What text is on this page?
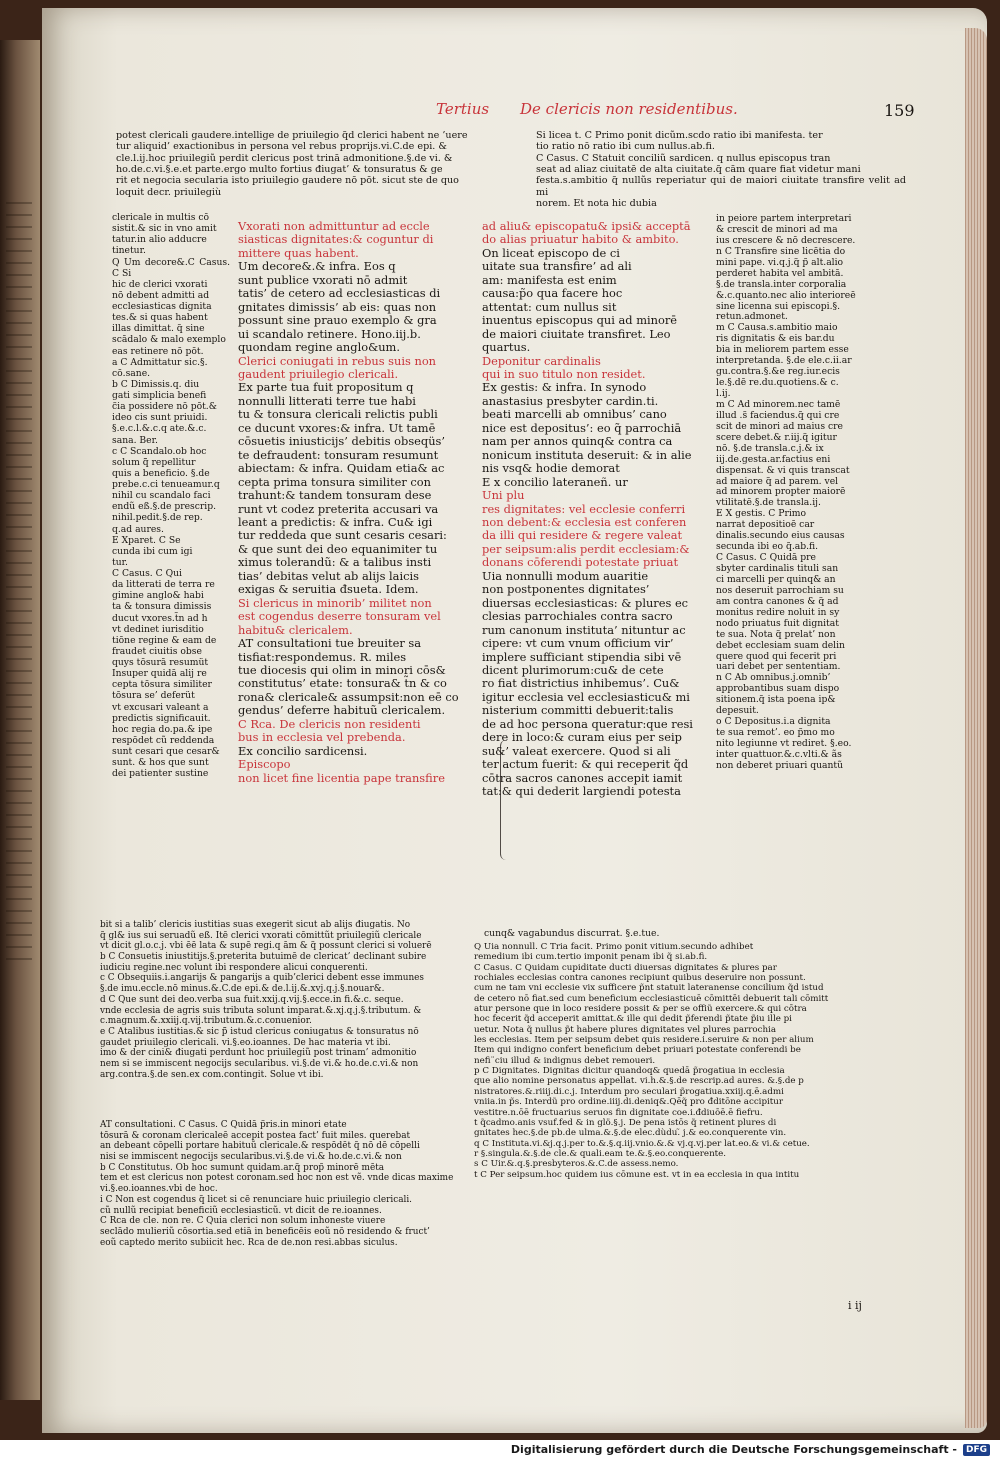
Tertius De clericis non residentibus.	159
potest clericali gaudere.intellige de priuilegio q̃d clerici habent ne ’uere
tur aliquid’ exactionibus in persona vel rebus proprijs.vi.C.de epi. &
cle.l.ij.hoc priuilegiũ perdit clericus post trinā admonitione.§.de vi. &
ho.de.c.vi.§.e.et parte.ergo multo fortius điugat’ & tonsuratus & ge
rit et negocia secularia isto priuilegio gaudere nō pōt. sicut ste de quo
loquit decr. priuilegiù
clericale in multis cō
sistit.& sic in vno amit
tatur.in alio adducre
tinetur.
Q Um decore&.C Casus. C Si
hic de clerici vxorati
nō debent admitti ad
ecclesiasticas dignita
tes.& si quas habent
illas dimittat. q̃ sine
scādalo & malo exemplo
eas retinere nō pōt.
a C Admittatur sic.§.
cō.sane.
b C Dimissis.q. diu
gati simplicia benefi
c̃ia possidere nō pōt.&
ideo cis sunt priuidi.
§.e.c.l.&.c.q ate.&.c.
sana. Ber.
c C Scandalo.ob hoc
solum q̃̃ repellitur
quis a beneficio. §.de
prebe.c.ci tenueamur.q
nihil cu scandalo faci
endũ eß.§.de prescrip.
nihil.pedit.§.de rep.
q.ad aures.
E Xparet. C Se
cunda ibi cum igi
tur.
C Casus. C Qui
da litterati de terra re
gimine anglo& habi
ta & tonsura dimissis
ducut vxores.t̃n ad h
vt dedinet iurisditio
tiōne regine & eam de
fraudet ciuitis obse
quys tōsurā resumüt
Insuper quidā alij re
cepta tōsura similiter
tōsura se’ deferüt
vt excusari valeant a
predictis significauit.
hoc regia do.pa.& ipe
respōdet cũ reddenda
sunt cesari que cesar&
sunt. & hos que sunt
dei patienter sustine
Vxorati non admittuntur ad eccle
siasticas dignitates:& coguntur di
mittere quas habent.
Um decore&.& infra. Eos q
sunt publice vxorati nō admit
tatis’ de cetero ad ecclesiasticas di
gnitates dimissis’ ab eis: quas non
possunt sine prauo exemplo & gra
ui scandalo retinere. Hono.iij.b.
quondam regine anglo&um.
Clerici coniugati in rebus suis non
gaudent priuilegio clericali.
Ex parte tua fuit propositum q
nonnulli litterati terre tue habi
tu & tonsura clericali relictis publi
ce ducunt vxores:& infra. Ut tamē
cōsuetis iniusticijs’ debitis obseqüs’
te defraudent: tonsuram resumunt
abiectam: & infra. Quidam etia& ac
cepta prima tonsura similiter con
trahunt:& tandem tonsuram dese
runt vt codez preterita accusari va
leant a predictis: & infra. Cu& igi
tur reddeda que sunt cesaris cesari:
& que sunt dei deo equanimiter tu
ximus tolerandũ: & a talibus insti
tias’ debitas velut ab alijs laicis
exigas & seruitia đsueta. Idem.
Si clericus in minorib’ militet non
est cogendus deserre tonsuram vel
habitu& clericalem.
AT consultationi tue breuiter sa
tisfiat:respondemus. R. miles
tue diocesis qui olim in minori cōs&
constitutus’ etate: tonsura& t̃n & co
rona& clericale& assumpsit:non eē co
gendus’ deferre habituũ clericalem.
C Rca. De clericis non residenti
bus in ecclesia vel prebenda.
Ex concilio sardicensi.
Episcopo
non licet fine licentia pape transfire
ad aliu& episcopatu& ipsi& acceptā
do alias priuatur habito & ambito.
On liceat episcopo de ci
uitate sua transfire’ ad ali
am: manifesta est enim
causa:p̃o qua facere hoc
attentat: cum nullus sit
inuentus episcopus qui ad minorē
de maiori ciuitate transfiret. Leo
quartus.
Deponitur cardinalis
qui in suo titulo non residet.
Ex gestis: & infra. In synodo
anastasius presbyter cardin.ti.
beati marcelli ab omnibus’ cano
nice est depositus’: eo q̃ parrochiā
nam per annos quinq& contra ca
nonicum instituta deseruit: & in alie
nis vsq& hodie demorat
E x concilio lateraneñ. ur
Uni plu
res dignitates: vel ecclesie conferri
non debent:& ecclesia est conferen
da illi qui residere & regere valeat
per seipsum:alis perdit ecclesiam:&
donans cōferendi potestate priuat
Uia nonnulli modum auaritie
non postponentes dignitates’
diuersas ecclesiasticas: & plures ec
clesias parrochiales contra sacro
rum canonum instituta’ nituntur ac
cipere: vt cum vnum officium vir’
implere sufficiant stipendia sibi vē
dicent plurimorum:cu& de cete
ro fiat districtius inhibemus’. Cu&
igitur ecclesia vel ecclesiasticu& mi
nisterium committi debuerit:talis
de ad hoc persona queratur:que resi
dere in loco:& curam eius per seip
su&’ valeat exercere. Quod si ali
ter actum fuerit: & qui receperit q̃d
cōtra sacros canones accepit iamit
tat:& qui dederit largiendi potesta
Si licea t. C Primo ponit dicũm.scdo ratio ibi manifesta. ter
tio ratio nō ratio ibi cum nullus.ab.fi.
C Casus. C Statuit conciliũ sardicen. q nullus episcopus tran
seat ad aliaz ciuitatē de alta ciuitate.q̃ cām quare fiat videtur mani
festa.s.ambitio q̃ nullũs reperiatur qui de maiori ciuitate transfire velit ad mi
norem. Et nota hic dubia
in peiore partem interpretari
& crescit de minori ad ma
ius crescere & nō decrescere.
n C Transfire sine licētia do
mini pape. vi.q.j.q̃ p̃ alt.alio
perderet habita vel ambitā.
§.de transla.inter corporalia
&.c.quanto.nec alio interioreē
sine licenna sui episcopi.§.
retun.admonet.
m C Causa.s.ambitio maio
ris dignitatis & eis bar.du
bia in meliorem partem esse
interpretanda. §.de ele.c.ii.ar
gu.contra.§.&e reg.iur.ecis
le.§.dē re.du.quotiens.& c.
l.ij.
m C Ad minorem.nec tamē
illud .s̃ faciendus.q̃ qui cre
scit de minori ad maius cre
scere debet.& r.iij.q̃ igitur
nō. §.de transla.c.j.& ix
iij.de.gesta.ar.factius eni
dispensat. & vi quis transcat
ad maiore q̃ ad parem. vel
ad minorem propter maiorē
vtilitatē.§.de transla.ij.
E X gestis. C Primo
narrat depositioē car
dinalis.secundo eius causas
secunda ibi eo q̃.ab.fi.
C Casus. C Quidā pre
sbyter cardinalis tituli san
ci marcelli per quinq& an
nos deseruit parrochiam su
am contra canones & q̃ ad
monitus redire noluit in sy
nodo priuatus fuit dignitat
te sua. Nota q̃ prelat’ non
debet ecclesiam suam delin
quere quod qui fecerit pri
uari debet per sententiam.
n C Ab omnibus.j.omnib’
approbantibus suam dispo
sitionem.q̃ ista poena ip&
depesuit.
o C Depositus.i.a dignita
te sua remot’. eo p̃mo mo
nito legiunne vt rediret. §.eo.
inter quattuor.&.c.vlti.& ãs
non deberet priuari quantũ
bit si a talib’ clericis iustitias suas exegerit sicut ab alijs điugatis. No
q̃ gl& ius sui seruadũ eß. Itē clerici vxorati cōmittũt priuilegiũ clericale
vt dicit gl.o.c.j. vbi ēē lata & supē regi.q ām & q̃ possunt clerici si voluerē
b C Consuetis iniustitijs.§.preterita butuimē de clericat’ declinant subire
iudiciu regine.nec volunt ibi respondere alicui conquerenti.
c C Obsequiis.i.angarijs & pangarijs a quib’clerici debent esse immunes
§.de imu.eccle.nō minus.&.C.de epi.& de.l.ij.&.xvj.q.j.§.nouar&.
d C Que sunt dei deo.verba sua fuit.xxij.q.vij.§.ecce.in fi.&.c. seque.
vnde ecclesia de agris suis tributa solunt imparat.&.xj.q.j.§.tributum. &
c.magnum.&.xxiij.q.vij.tributum.&.c.conuenior.
e C Atalibus iustitias.& sic p̃̃ istud clericus coniugatus & tonsuratus nō
gaudet priuilegio clericali. vi.§.eo.ioannes. De hac materia vt ibi.
imo & der cini& điugati perdunt hoc priuilegiũ post trinam’ admonitio
nem si se immiscent negocijs secularibus. vi.§.de vi.& ho.de.c.vi.& non
arg.contra.§.de sen.ex com.contingit. Solue vt ibi.
AT consultationi. C Casus. C Quidā p̃ris.in minori etate
tōsurā & coronam clericaleē accepit postea fact’ fuit miles. querebat
an debeant cōpelli portare habituũ clericale.& respōdēt q̃ nō dē cōpelli
nisi se immiscent negocijs secularibus.vi.§.de vi.& ho.de.c.vi.& non
b C Constitutus. Ob hoc sumunt quidam.ar.q̃ prop̃ minorē mēta
tem et est clericus non potest coronam.sed hoc non est vẽ. vnde dicas maxime
vi.§.eo.ioannes.vbi de hoc.
i C Non est cogendus q̃ licet si cē renunciare huic priuilegio clericali.
cũ nullũ recipiat beneficiũ ecclesiasticũ. vt dicit de re.ioannes.
C Rca de cle. non re. C Quia clerici non solum inhoneste viuere
seclādo mulieriũ cōsortia.sed etiā in beneficēis eoũ nō residendo & fruct’
eoũ captedo merito subiicit hec. Rca de de.non resi.abbas siculus.
cunq& vagabundus discurrat. §.e.tue.
Q Uia nonnull. C Tria facit. Primo ponit vitium.secundo adhibet
remedium ibi cum.tertio imponit penam ibi q̃ si.ab.fi.
C Casus. C Quidam cupiditate ducti diuersas dignitates & plures par
rochiales ecclesias contra canones recipiunt quibus deseruire non possunt.
cum ne tam vni ecclesie vix sufficere p̃nt statuit lateranense concilium q̃d istud
de cetero nō fiat.sed cum beneficium ecclesiasticuē cōmittēi debuerit tali cōmitt
atur persone que in loco residere possit & per se offiũ exercere.& qui cōtra
hoc fecerit q̃d acceperit amittat.& ille qui dedit p̃ferendi p̃tate p̃iu ille pi
uetur. Nota q̃ nullus p̃t habere plures dignitates vel plures parrochia
les ecclesias. Item per seipsum debet quis residere.i.seruire & non per alium
Item qui indigno confert beneficium debet priuari potestate conferendi be
nefi¨ciu illud & indignus debet remoueri.
p C Dignitates. Dignitas dicitur quandoq& quedā p̃rogatiua in ecclesia
que alio nomine personatus appellat. vi.h.&.§.de rescrip.ad aures. &.§.de p
nistratores.&.riiij.di.c.j. Interdum pro seculari p̃rogatiua.xxiij.q.ē.admi
vniia.in p̃s. Interdũ pro ordine.iiij.di.deniq&.Qēq̃ pro đditōne accipitur
vestitre.n.ōē fructuarius seruos fin dignitate coe.i.đdiuōē.ē fiefru.
t q̃cadmo.anis vsuf.fed & in glö.§.j. De pena istōs q̃ retinent plures di
gnitates hec.§.de pb.de ulma.&.§.de elec.dùdu.̃ j.& eo.conquerente vin.
q C Instituta.vi.&j.q.j.per to.&.§.q.iij.vnio.&.& vj.q.vj.per lat.eo.& vi.& cetue.
r §.singula.&.§.de cle.& quali.eam te.&.§.eo.conquerente.
s C Uir.&.q.§.presbyteros.&.C.de assess.nemo.
t C Per seipsum.hoc quidem ius cōmune est. vt in ea ecclesia in qua intitu
i ij
Digitalisierung gefördert durch die Deutsche Forschungsgemeinschaft -	DFG
